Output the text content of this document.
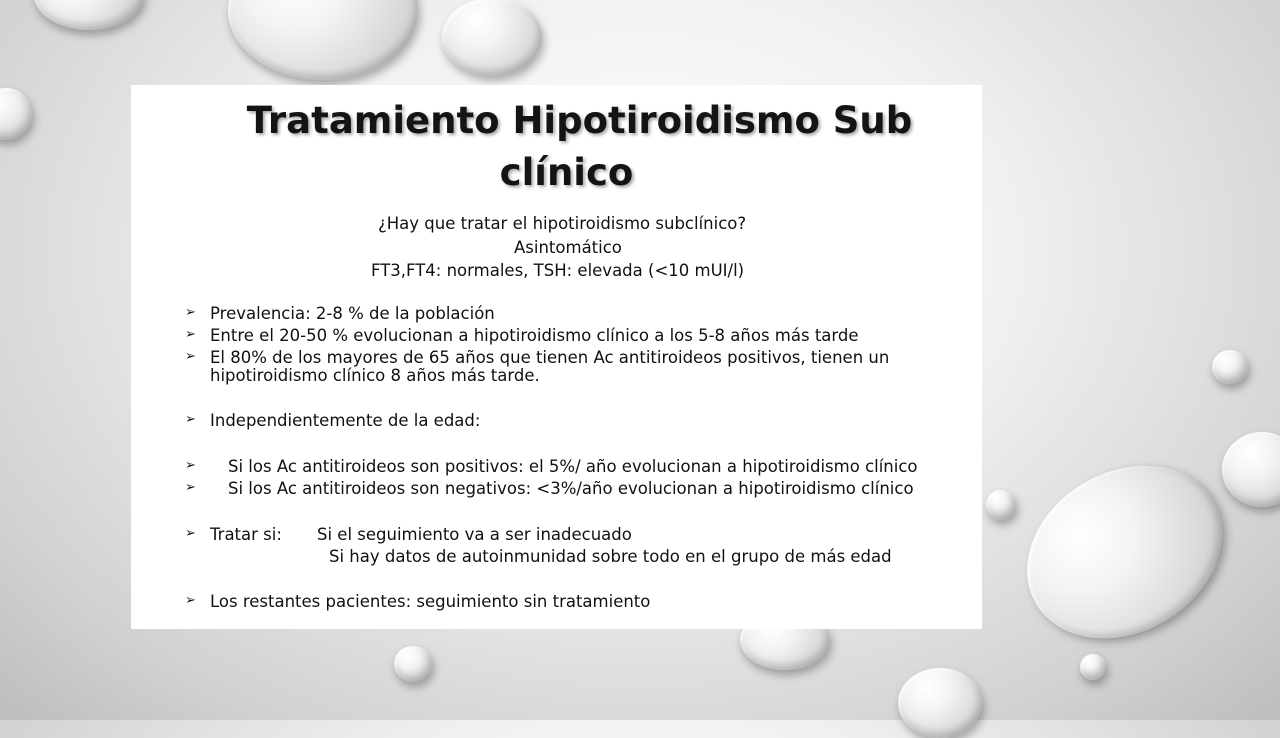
Tratamiento Hipotiroidismo Sub
clínico
¿Hay que tratar el hipotiroidismo subclínico?
Asintomático
FT3,FT4: normales, TSH: elevada (<10 mUI/l)
➢ Prevalencia: 2-8 % de la población
➢ Entre el 20-50 % evolucionan a hipotiroidismo clínico a los 5-8 años más tarde
➢ El 80% de los mayores de 65 años que tienen Ac antitiroideos positivos, tienen un
hipotiroidismo clínico 8 años más tarde.
➢ Independientemente de la edad:
➢ Si los Ac antitiroideos son positivos: el 5%/ año evolucionan a hipotiroidismo clínico
➢ Si los Ac antitiroideos son negativos: <3%/año evolucionan a hipotiroidismo clínico
➢ Tratar si: Si el seguimiento va a ser inadecuado
Si hay datos de autoinmunidad sobre todo en el grupo de más edad
➢ Los restantes pacientes: seguimiento sin tratamiento
